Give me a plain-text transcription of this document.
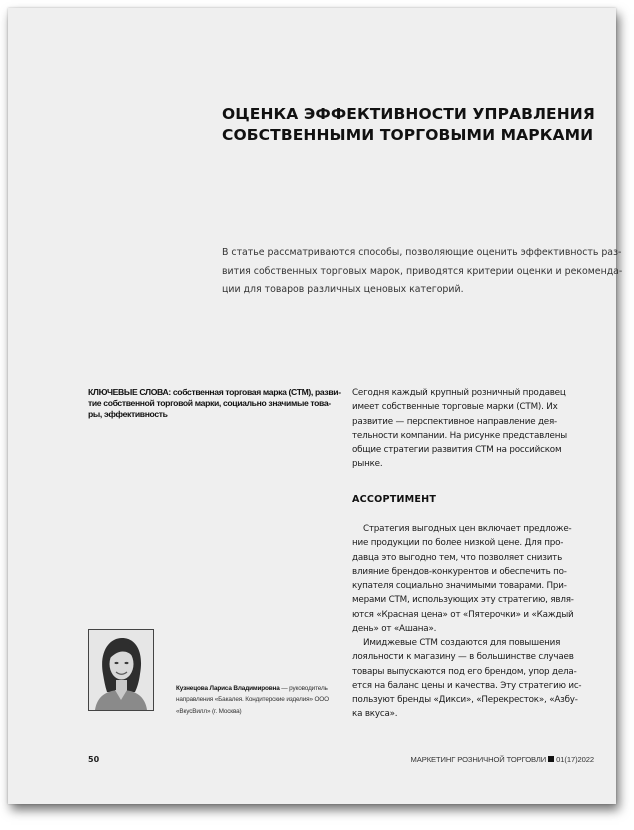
ОЦЕНКА ЭФФЕКТИВНОСТИ УПРАВЛЕНИЯ
СОБСТВЕННЫМИ ТОРГОВЫМИ МАРКАМИ

В статье рассматриваются способы, позволяющие оценить эффективность раз-
вития собственных торговых марок, приводятся критерии оценки и рекоменда-
ции для товаров различных ценовых категорий.

КЛЮЧЕВЫЕ СЛОВА: собственная торговая марка (СТМ), разви-
тие собственной торговой марки, социально значимые това-
ры, эффективность

Сегодня каждый крупный розничный продавец
имеет собственные торговые марки (СТМ). Их
развитие — перспективное направление дея-
тельности компании. На рисунке представлены
общие стратегии развития СТМ на российском
рынке.

АССОРТИМЕНТ

Стратегия выгодных цен включает предложе-
ние продукции по более низкой цене. Для про-
давца это выгодно тем, что позволяет снизить
влияние брендов-конкурентов и обеспечить по-
купателя социально значимыми товарами. При-
мерами СТМ, использующих эту стратегию, явля-
ются «Красная цена» от «Пятерочки» и «Каждый
день» от «Ашана».

Имиджевые СТМ создаются для повышения
лояльности к магазину — в большинстве случаев
товары выпускаются под его брендом, упор дела-
ется на баланс цены и качества. Эту стратегию ис-
пользуют бренды «Дикси», «Перекресток», «Азбу-
ка вкуса».

Кузнецова Лариса Владимировна — руководитель
направления «Бакалея. Кондитерские изделия» ООО
«ВкусВилл» (г. Москва)

50	МАРКЕТИНГ РОЗНИЧНОЙ ТОРГОВЛИ 01(17)2022
